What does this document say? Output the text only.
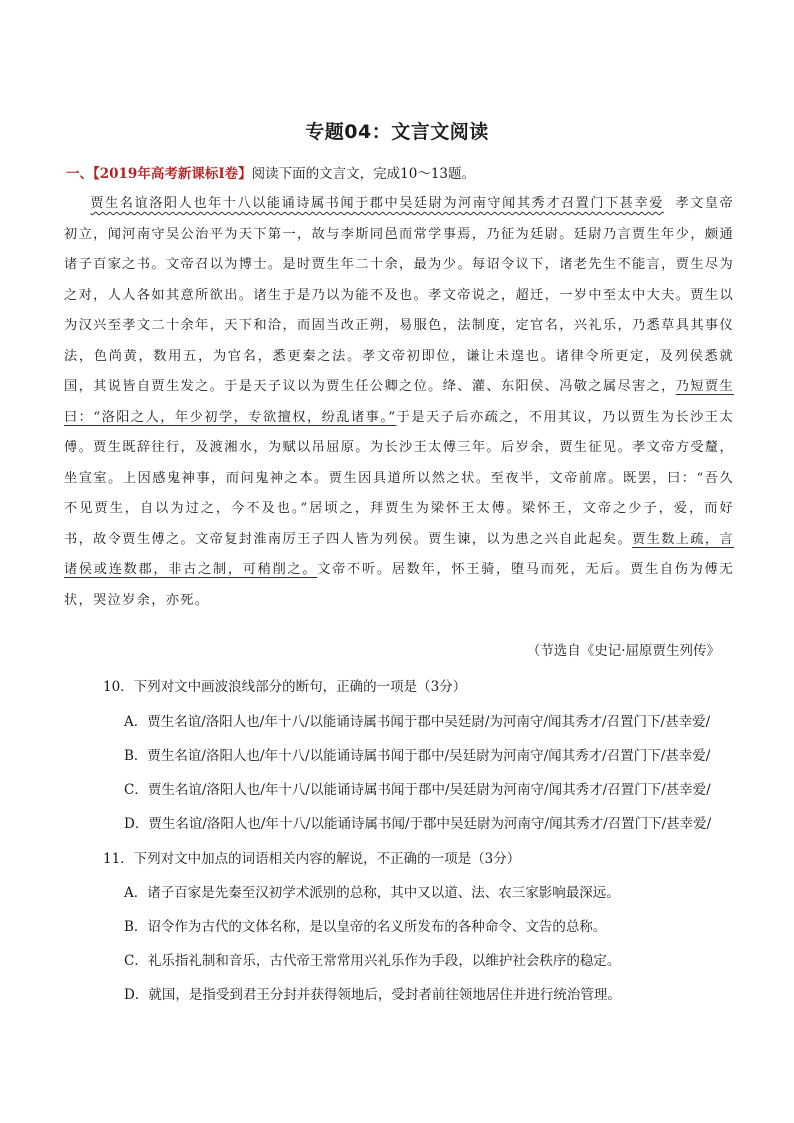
专题04：文言文阅读
一、【2019年高考新课标Ⅰ卷】阅读下面的文言文，完成10～13题。

贾生名谊洛阳人也年十八以能诵诗属书闻于郡中吴廷尉为河南守闻其秀才召置门下甚幸爱 孝文皇帝初立，闻河南守吴公治平为天下第一，故与李斯同邑而常学事焉，乃征为廷尉。廷尉乃言贾生年少，颇通诸子百家之书。文帝召以为博士。是时贾生年二十余，最为少。每诏令议下，诸老先生不能言，贾生尽为之对，人人各如其意所欲出。诸生于是乃以为能不及也。孝文帝说之，超迁，一岁中至太中大夫。贾生以为汉兴至孝文二十余年，天下和洽，而固当改正朔，易服色，法制度，定官名，兴礼乐，乃悉草具其事仪法，色尚黄，数用五，为官名，悉更秦之法。孝文帝初即位，谦让未遑也。诸律令所更定，及列侯悉就国，其说皆自贾生发之。于是天子议以为贾生任公卿之位。绛、灌、东阳侯、冯敬之属尽害之，乃短贾生曰：“洛阳之人，年少初学，专欲擅权，纷乱诸事。”于是天子后亦疏之，不用其议，乃以贾生为长沙王太傅。贾生既辞往行，及渡湘水，为赋以吊屈原。为长沙王太傅三年。后岁余，贾生征见。孝文帝方受釐，坐宣室。上因感鬼神事，而问鬼神之本。贾生因具道所以然之状。至夜半，文帝前席。既罢，曰：“吾久不见贾生，自以为过之，今不及也。”居顷之，拜贾生为梁怀王太傅。梁怀王，文帝之少子，爱，而好书，故令贾生傅之。文帝复封淮南厉王子四人皆为列侯。贾生谏，以为患之兴自此起矣。贾生数上疏，言诸侯或连数郡，非古之制，可稍削之。文帝不听。居数年，怀王骑，堕马而死，无后。贾生自伤为傅无状，哭泣岁余，亦死。

（节选自《史记·屈原贾生列传》
10．下列对文中画波浪线部分的断句，正确的一项是（3分）
A．贾生名谊/洛阳人也/年十八/以能诵诗属书闻于郡中吴廷尉/为河南守/闻其秀才/召置门下/甚幸爱/
B．贾生名谊/洛阳人也/年十八/以能诵诗属书闻于郡中/吴廷尉为河南守/闻其秀才/召置门下/甚幸爱/
C．贾生名谊/洛阳人也/年十八/以能诵诗属书闻于郡中/吴廷尉为河南守/闻其秀才/召置门下/甚幸爱/
D．贾生名谊/洛阳人也/年十八/以能诵诗属书闻/于郡中吴廷尉为河南守/闻其秀才/召置门下/甚幸爱/
11．下列对文中加点的词语相关内容的解说，不正确的一项是（3分）
A．诸子百家是先秦至汉初学术派别的总称，其中又以道、法、农三家影响最深远。
B．诏令作为古代的文体名称，是以皇帝的名义所发布的各种命令、文告的总称。
C．礼乐指礼制和音乐，古代帝王常常用兴礼乐作为手段，以维护社会秩序的稳定。
D．就国，是指受到君王分封并获得领地后，受封者前往领地居住并进行统治管理。
